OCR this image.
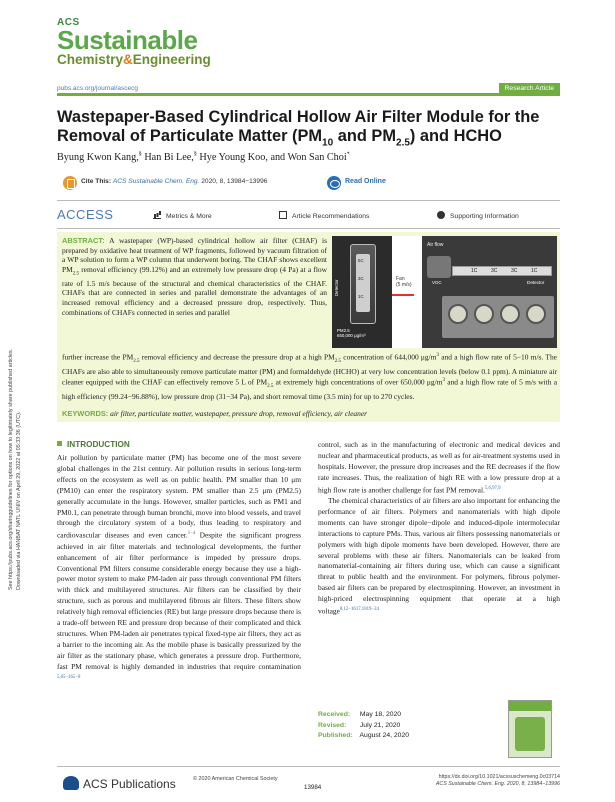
See https://pubs.acs.org/sharingguidelines for options on how to legitimately share published articles. Downloaded via HANBAT NATL UNIV on April 29, 2022 at 05:33:36 (UTC).
ACS
Sustainable
Chemistry&Engineering
pubs.acs.org/journal/ascecg	Research Article
Wastepaper-Based Cylindrical Hollow Air Filter Module for the
Removal of Particulate Matter ($PM_{10}$ and $PM_{2.5}$) and HCHO
Byung Kwon Kang,§ Han Bi Lee,§ Hye Young Koo, and Won San Choi*
Cite This: ACS Sustainable Chem. Eng. 2020, 8, 13984−13996	Read Online
ACCESS	Metrics & More	Article Recommendations	Supporting Information
ABSTRACT: A wastepaper (WP)-based cylindrical hollow air filter (CHAF) is prepared by oxidative heat treatment of WP fragments, followed by vacuum filtration of a WP solution to form a WP column that underwent boring. The CHAF shows excellent $PM_{2.5}$ removal efficiency (99.12%) and an extremely low pressure drop (4 Pa) at a flow rate of 1.5 m/s because of the structural and chemical characteristics of the CHAF. CHAFs that are connected in series and parallel demonstrate the advantages of an increased removal efficiency and a decreased pressure drop, respectively. Thus, combinations of CHAFs connected in series and parallel
5C
3C
1C
Detector
PM2.5
650,000 μg/m³
Fan
(5 m/s)
Air flow
VOC
1C	3C	3C	1C
Detector
further increase the $PM_{2.5}$ removal efficiency and decrease the pressure drop at a high $PM_{2.5}$ concentration of 644,000 $\mu g/m^3$ and a high flow rate of 5−10 m/s. The CHAFs are also able to simultaneously remove particulate matter (PM) and formaldehyde (HCHO) at very low concentration levels (below 0.1 ppm). A miniature air cleaner equipped with the CHAF can effectively remove 5 L of $PM_{2.5}$ at extremely high concentrations of over 650,000 $\mu g/m^3$ and a high flow rate of 5 m/s with a high efficiency (99.24−96.88%), low pressure drop (31−34 Pa), and short removal time (3.5 min) for up to 270 cycles.
KEYWORDS: air filter, particulate matter, wastepaper, pressure drop, removal efficiency, air cleaner
INTRODUCTION

Air pollution by particulate matter (PM) has become one of the most severe global challenges in the 21st century. Air pollution results in serious long-term effects on the ecosystem as well as on public health. PM smaller than 10 μm (PM10) can enter the respiratory system. PM smaller than 2.5 μm (PM2.5) generally accumulate in the lungs. However, smaller particles, such as PM1 and PM0.1, can penetrate through human bronchi, move into blood vessels, and travel through the circulatory system of a body, thus leading to respiratory and cardiovascular diseases and even cancer.$^{1-4}$ Despite the significant progress achieved in air filter materials and technological developments, the further enhancement of air filter performance is impeded by pressure drops. Conventional PM filters consume considerable energy because they use a high-power motor system to make PM-laden air pass through conventional PM filters with thick and multilayered structures. Air filters can be classified by their structure, such as porous and multilayered fibrous air filters. These filters show relatively high removal efficiencies (RE) but large pressure drops because there is a trade-off between RE and pressure drop because of their complicated and thick structures. When PM-laden air penetrates typical fixed-type air filters, they act as a barrier to the incoming air. As the mobile phase is basically pressurized by the air filter as the stationary phase, which generates a pressure drop. Furthermore, fast PM removal is highly demanded in industries that require contamination $^{5,65-165-8}$

control, such as in the manufacturing of electronic and medical devices and nuclear and pharmaceutical products, as well as for air-treatment systems used in hospitals. However, the pressure drop increases and the RE decreases if the flow rate increases. Thus, the realization of high RE with a low pressure drop at a high flow rate is another challenge for fast PM removal.$^{5,6,97,9}$

The chemical characteristics of air filters are also important for enhancing the performance of air filters. Polymers and nanomaterials with high dipole moments can have stronger dipole−dipole and induced-dipole intermolecular interactions to capture PMs. Thus, various air filters possessing nanomaterials or polymers with high dipole moments have been developed. However, there are several problems with these air filters. Nanomaterials can be leaked from nanomaterial-containing air filters during use, which can cause a significant threat to public health and the environment. For polymers, fibrous polymer-based air filters can be prepared by electrospinning. However, an investment in high-priced electrospinning equipment that operate at a high voltage$^{8,12-1617,1819-24}$

Received: May 18, 2020
Revised: July 21, 2020
Published: August 24, 2020
ACS Publications	© 2020 American Chemical Society
13984
https://dx.doi.org/10.1021/acssuschemeng.0c03714
ACS Sustainable Chem. Eng. 2020, 8, 13984−13996
